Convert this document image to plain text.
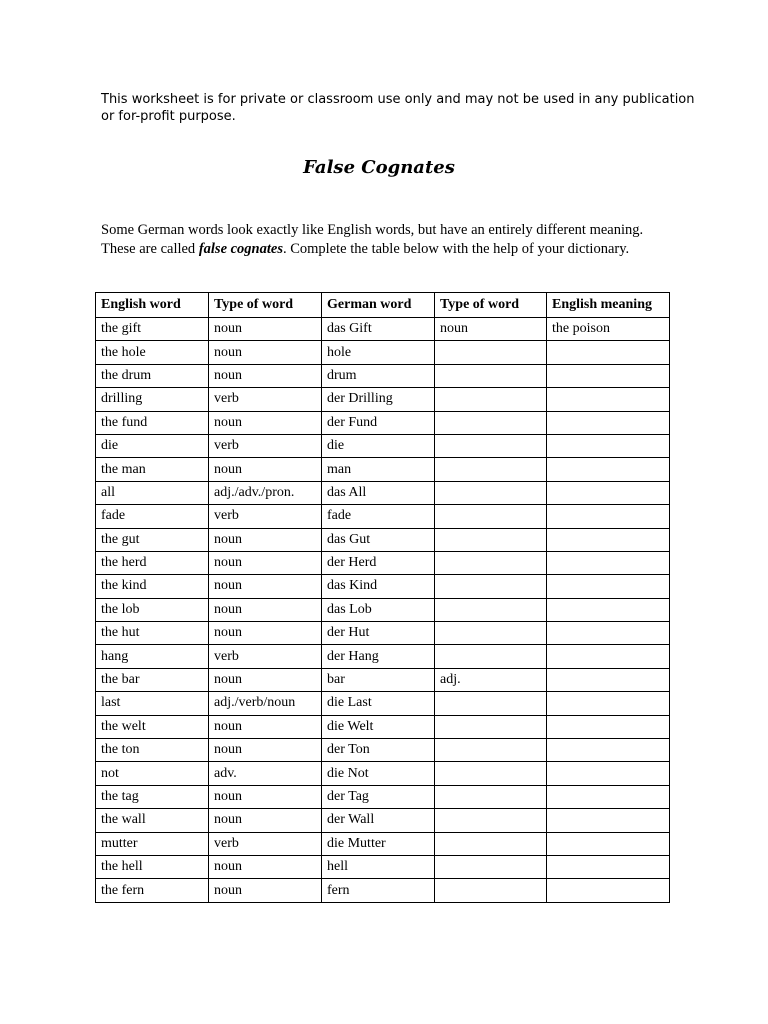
This worksheet is for private or classroom use only and may not be used in any publication or for-profit purpose.

False Cognates

Some German words look exactly like English words, but have an entirely different meaning. These are called false cognates. Complete the table below with the help of your dictionary.

English word	Type of word	German word	Type of word	English meaning
the gift	noun	das Gift	noun	the poison
the hole	noun	hole		
the drum	noun	drum		
drilling	verb	der Drilling		
the fund	noun	der Fund		
die	verb	die		
the man	noun	man		
all	adj./adv./pron.	das All		
fade	verb	fade		
the gut	noun	das Gut		
the herd	noun	der Herd		
the kind	noun	das Kind		
the lob	noun	das Lob		
the hut	noun	der Hut		
hang	verb	der Hang		
the bar	noun	bar	adj.	
last	adj./verb/noun	die Last		
the welt	noun	die Welt		
the ton	noun	der Ton		
not	adv.	die Not		
the tag	noun	der Tag		
the wall	noun	der Wall		
mutter	verb	die Mutter		
the hell	noun	hell		
the fern	noun	fern		
